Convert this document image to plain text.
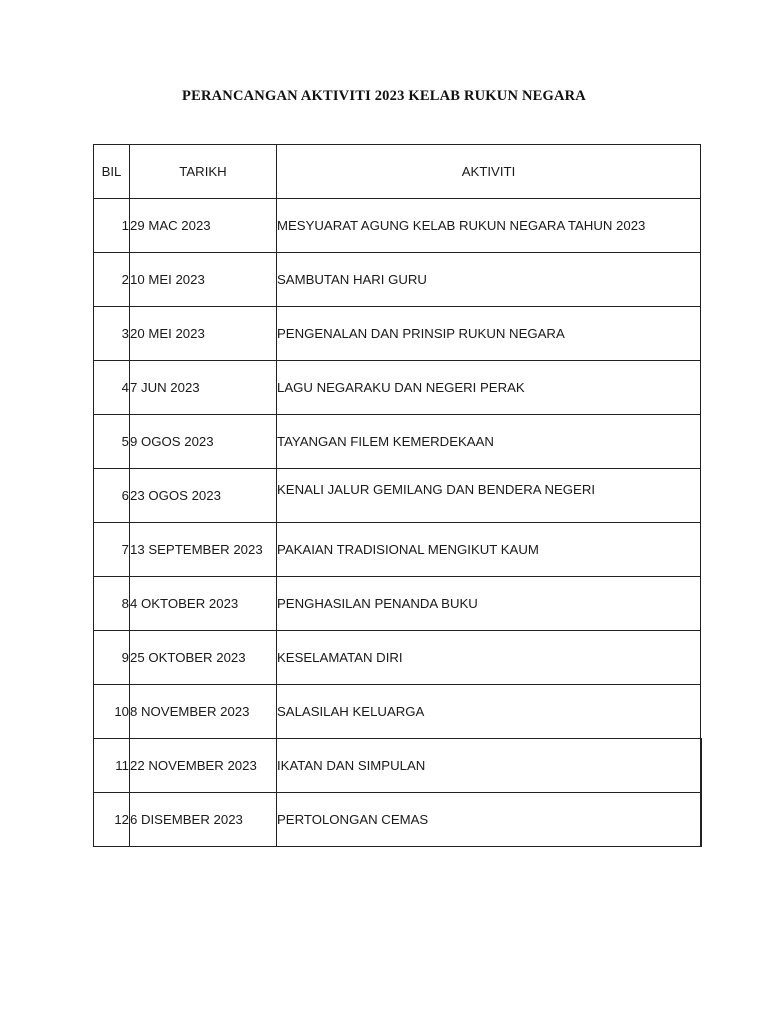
PERANCANGAN AKTIVITI 2023 KELAB RUKUN NEGARA
BIL	TARIKH	AKTIVITI
1	29 MAC 2023	MESYUARAT AGUNG KELAB RUKUN NEGARA TAHUN 2023
2	10 MEI 2023	SAMBUTAN HARI GURU
3	20 MEI 2023	PENGENALAN DAN PRINSIP RUKUN NEGARA
4	7 JUN 2023	LAGU NEGARAKU DAN NEGERI PERAK
5	9 OGOS 2023	TAYANGAN FILEM KEMERDEKAAN
6	23 OGOS 2023	KENALI JALUR GEMILANG DAN BENDERA NEGERI
7	13 SEPTEMBER 2023	PAKAIAN TRADISIONAL MENGIKUT KAUM
8	4 OKTOBER 2023	PENGHASILAN PENANDA BUKU
9	25 OKTOBER 2023	KESELAMATAN DIRI
10	8 NOVEMBER 2023	SALASILAH KELUARGA
11	22 NOVEMBER 2023	IKATAN DAN SIMPULAN
12	6 DISEMBER 2023	PERTOLONGAN CEMAS
